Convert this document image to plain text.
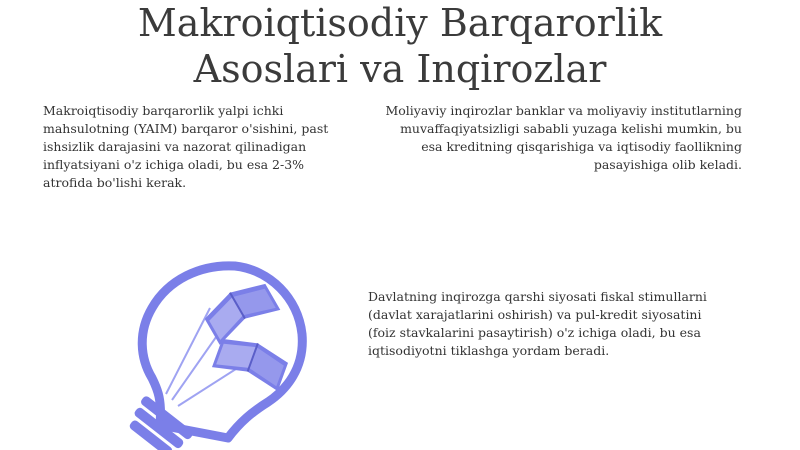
Makroiqtisodiy Barqarorlik
Asoslari va Inqirozlar

Makroiqtisodiy barqarorlik yalpi ichki mahsulotning (YAIM) barqaror o'sishini, past ishsizlik darajasini va nazorat qilinadigan inflyatsiyani o'z ichiga oladi, bu esa 2-3% atrofida bo'lishi kerak.

Moliyaviy inqirozlar banklar va moliyaviy institutlarning muvaffaqiyatsizligi sababli yuzaga kelishi mumkin, bu esa kreditning qisqarishiga va iqtisodiy faollikning pasayishiga olib keladi.

Davlatning inqirozga qarshi siyosati fiskal stimullarni (davlat xarajatlarini oshirish) va pul-kredit siyosatini (foiz stavkalarini pasaytirish) o'z ichiga oladi, bu esa iqtisodiyotni tiklashga yordam beradi.
